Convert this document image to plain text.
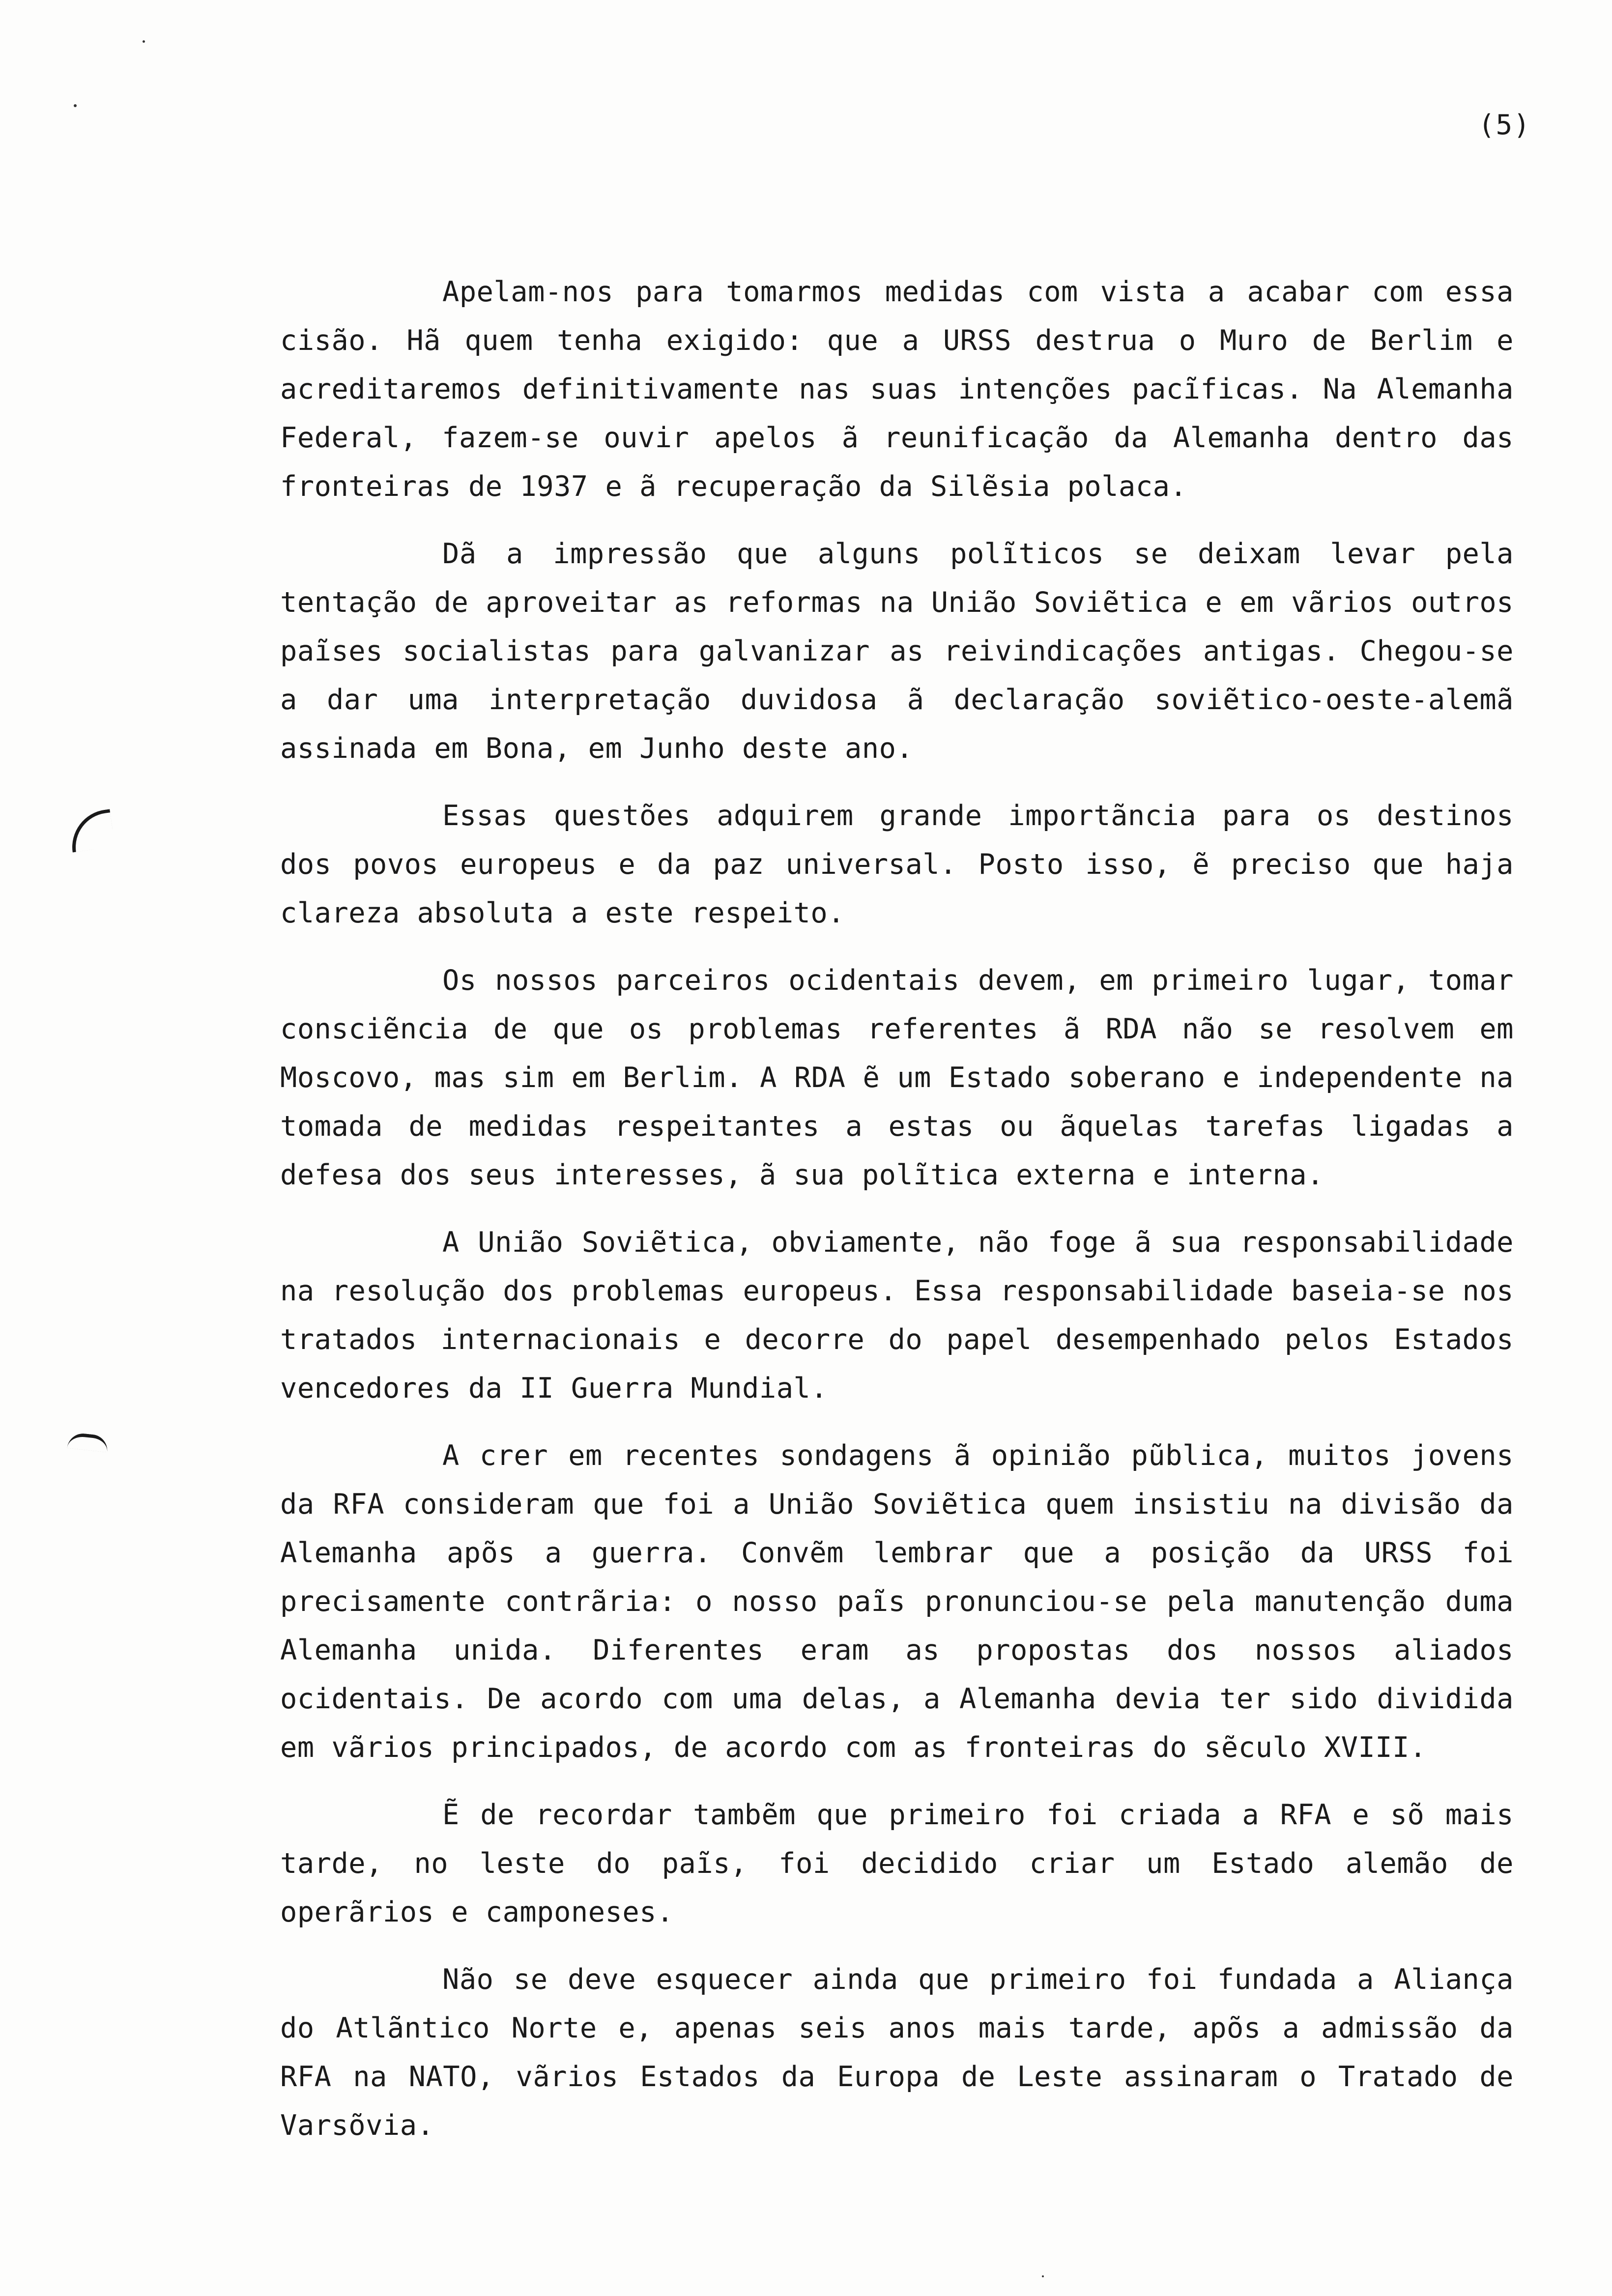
(5)

Apelam-nos para tomarmos medidas com vista a acabar com essa cisão. Hã quem tenha exigido: que a URSS destrua o Muro de Berlim e acreditaremos definitivamente nas suas intenções pacĩficas. Na Alemanha Federal, fazem-se ouvir apelos ã reunificação da Alemanha dentro das fronteiras de 1937 e ã recuperação da Silẽsia polaca.

Dã a impressão que alguns polĩticos se deixam levar pela tentação de aproveitar as reformas na União Soviẽtica e em vãrios outros paĩses socialistas para galvanizar as reivindicações antigas. Chegou-se a dar uma interpretação duvidosa ã declaração soviẽtico-oeste-alemã assinada em Bona, em Junho deste ano.

Essas questões adquirem grande importãncia para os destinos dos povos europeus e da paz universal. Posto isso, ẽ preciso que haja clareza absoluta a este respeito.

Os nossos parceiros ocidentais devem, em primeiro lugar, tomar consciẽncia de que os problemas referentes ã RDA não se resolvem em Moscovo, mas sim em Berlim. A RDA ẽ um Estado soberano e independente na tomada de medidas respeitantes a estas ou ãquelas tarefas ligadas a defesa dos seus interesses, ã sua polĩtica externa e interna.

A União Soviẽtica, obviamente, não foge ã sua responsabilidade na resolução dos problemas europeus. Essa responsabilidade baseia-se nos tratados internacionais e decorre do papel desempenhado pelos Estados vencedores da II Guerra Mundial.

A crer em recentes sondagens ã opinião pũblica, muitos jovens da RFA consideram que foi a União Soviẽtica quem insistiu na divisão da Alemanha apõs a guerra. Convẽm lembrar que a posição da URSS foi precisamente contrãria: o nosso paĩs pronunciou-se pela manutenção duma Alemanha unida. Diferentes eram as propostas dos nossos aliados ocidentais. De acordo com uma delas, a Alemanha devia ter sido dividida em vãrios principados, de acordo com as fronteiras do sẽculo XVIII.

Ẽ de recordar tambẽm que primeiro foi criada a RFA e sõ mais tarde, no leste do paĩs, foi decidido criar um Estado alemão de operãrios e camponeses.

Não se deve esquecer ainda que primeiro foi fundada a Aliança do Atlãntico Norte e, apenas seis anos mais tarde, apõs a admissão da RFA na NATO, vãrios Estados da Europa de Leste assinaram o Tratado de Varsõvia.
